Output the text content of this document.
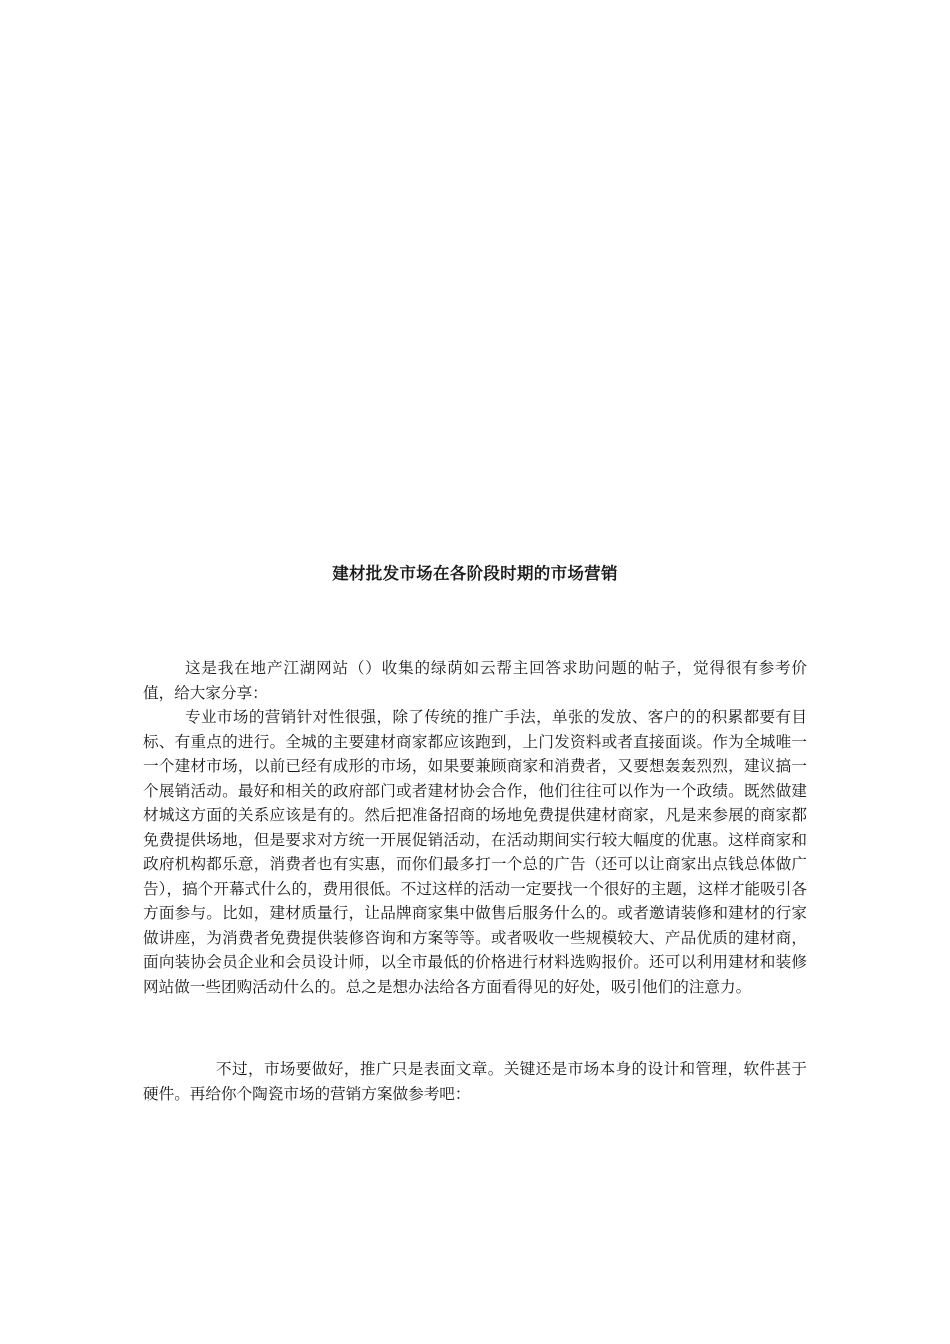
建材批发市场在各阶段时期的市场营销

这是我在地产江湖网站（）收集的绿荫如云帮主回答求助问题的帖子，觉得很有参考价值，给大家分享：

专业市场的营销针对性很强，除了传统的推广手法，单张的发放、客户的的积累都要有目标、有重点的进行。全城的主要建材商家都应该跑到，上门发资料或者直接面谈。作为全城唯一一个建材市场，以前已经有成形的市场，如果要兼顾商家和消费者，又要想轰轰烈烈，建议搞一个展销活动。最好和相关的政府部门或者建材协会合作，他们往往可以作为一个政绩。既然做建材城这方面的关系应该是有的。然后把准备招商的场地免费提供建材商家，凡是来参展的商家都免费提供场地，但是要求对方统一开展促销活动，在活动期间实行较大幅度的优惠。这样商家和政府机构都乐意，消费者也有实惠，而你们最多打一个总的广告（还可以让商家出点钱总体做广告），搞个开幕式什么的，费用很低。不过这样的活动一定要找一个很好的主题，这样才能吸引各方面参与。比如，建材质量行，让品牌商家集中做售后服务什么的。或者邀请装修和建材的行家做讲座，为消费者免费提供装修咨询和方案等等。或者吸收一些规模较大、产品优质的建材商，面向装协会员企业和会员设计师，以全市最低的价格进行材料选购报价。还可以利用建材和装修网站做一些团购活动什么的。总之是想办法给各方面看得见的好处，吸引他们的注意力。

不过，市场要做好，推广只是表面文章。关键还是市场本身的设计和管理，软件甚于硬件。再给你个陶瓷市场的营销方案做参考吧：
